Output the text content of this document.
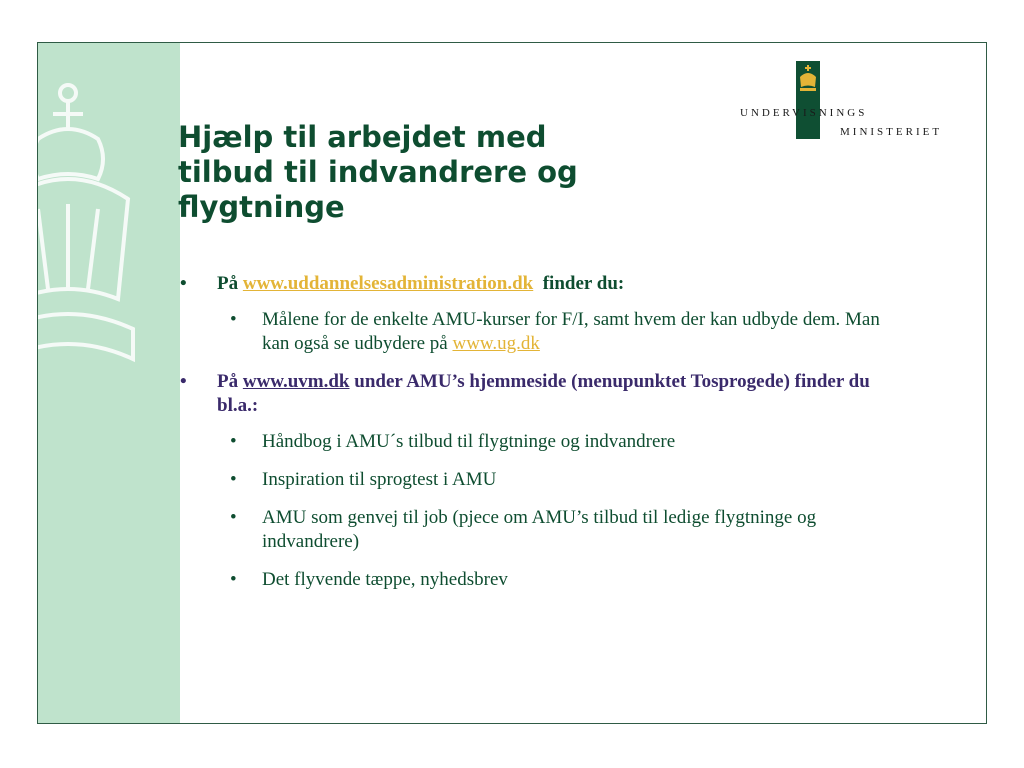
UNDERVISNINGS
MINISTERIET
Hjælp til arbejdet med
tilbud til indvandrere og
flygtninge
• På www.uddannelsesadministration.dk  finder du:
• Målene for de enkelte AMU-kurser for F/I, samt hvem der kan udbyde dem. Man kan også se udbydere på www.ug.dk
• På www.uvm.dk under AMU’s hjemmeside (menupunktet Tosprogede) finder du bl.a.:
• Håndbog i AMU´s tilbud til flygtninge og indvandrere
• Inspiration til sprogtest i AMU
• AMU som genvej til job (pjece om AMU’s tilbud til ledige flygtninge og indvandrere)
• Det flyvende tæppe, nyhedsbrev
